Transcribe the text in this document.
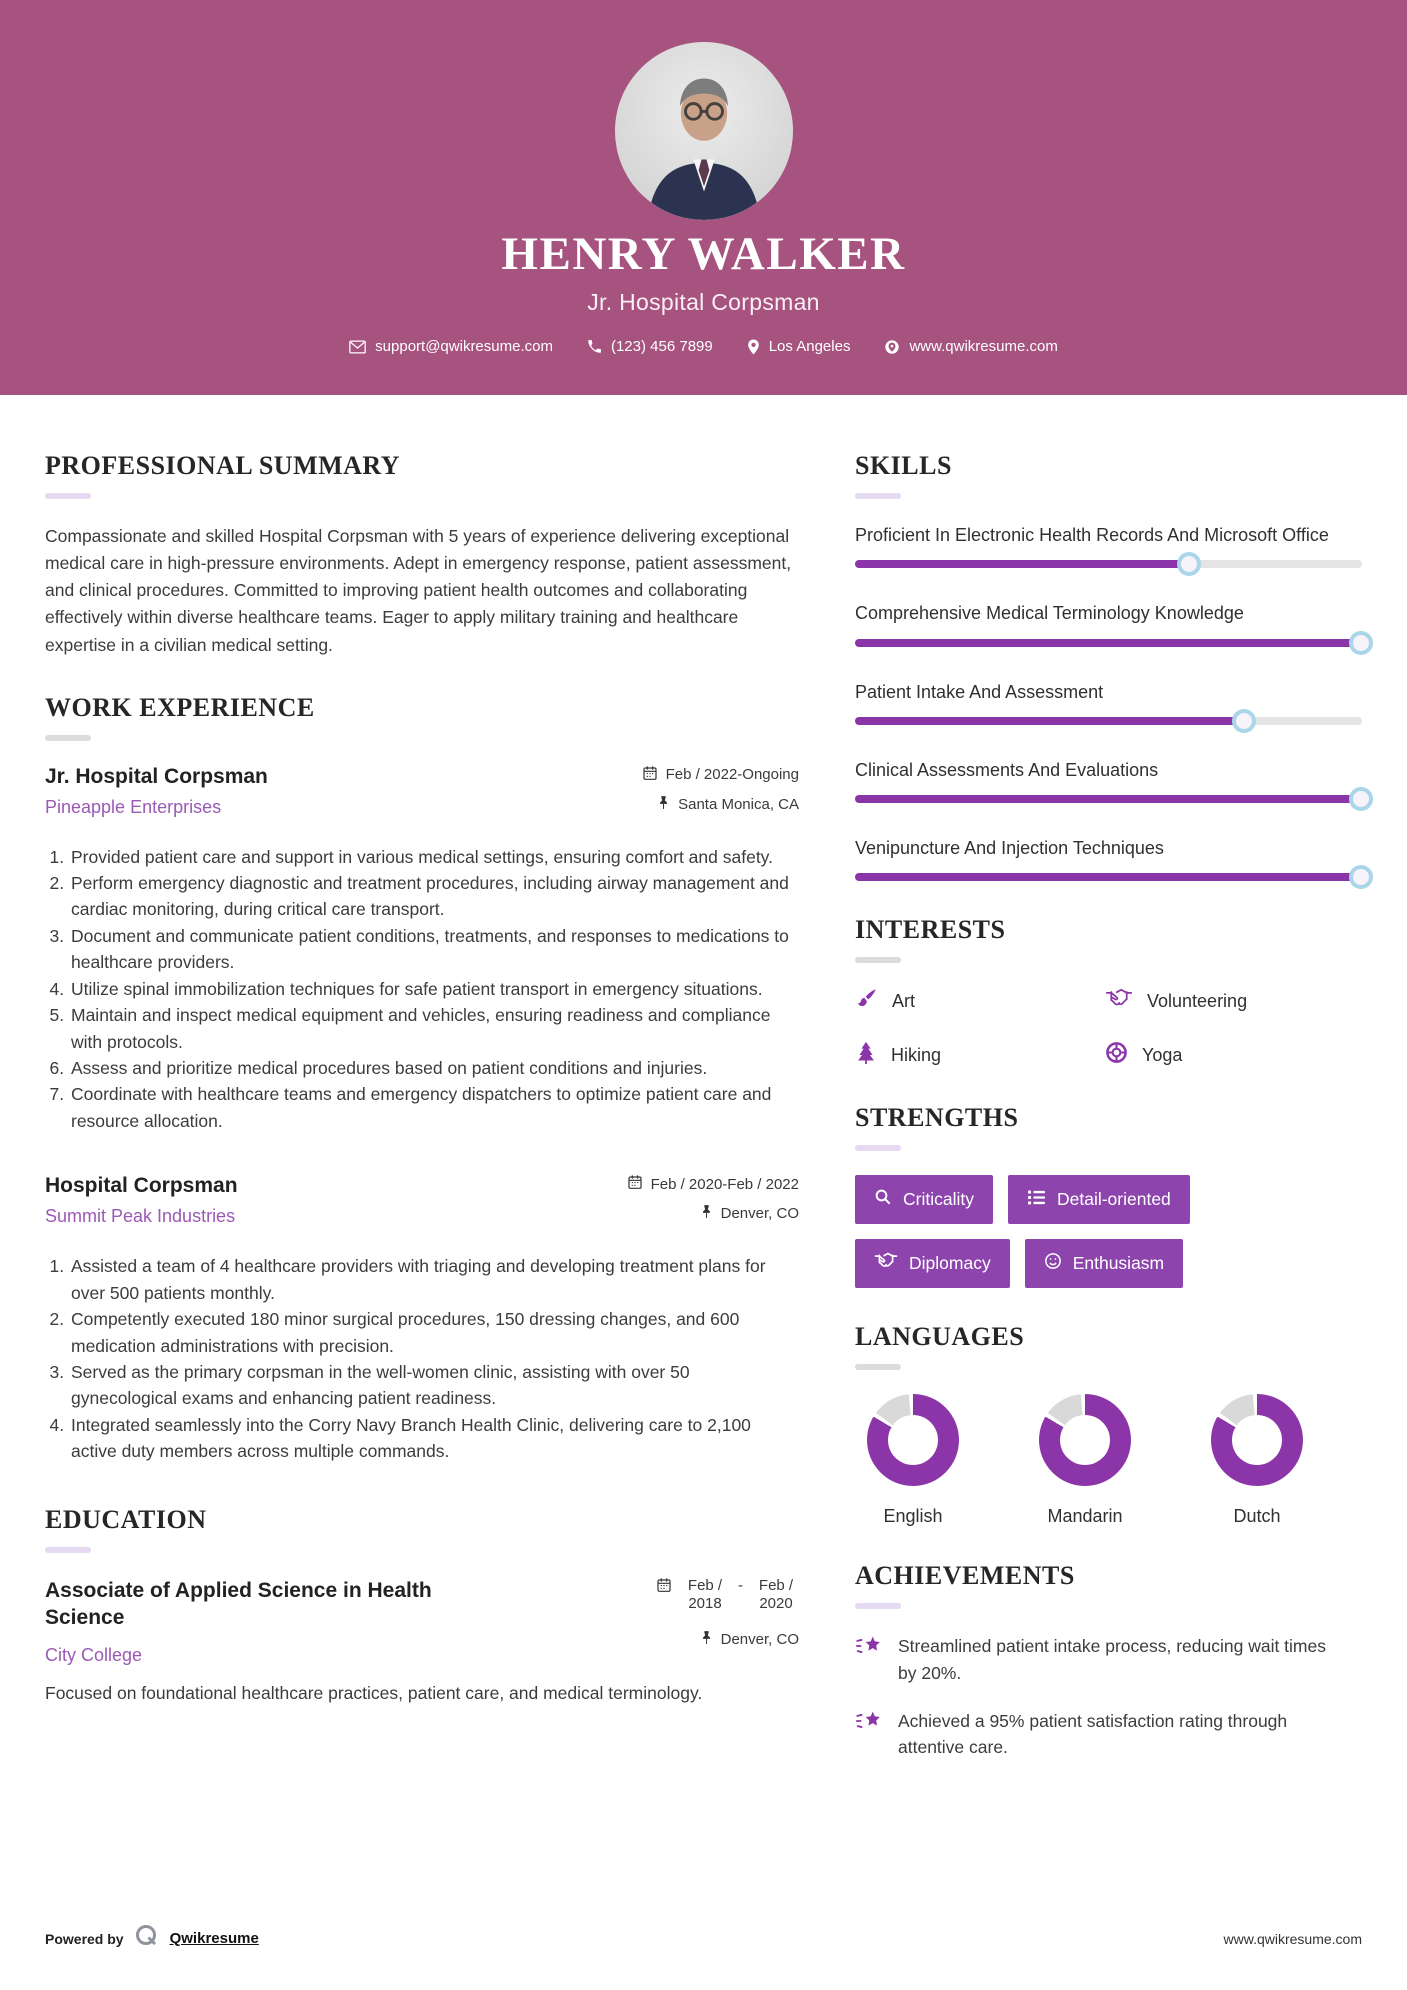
HENRY WALKER
Jr. Hospital Corpsman
support@qwikresume.com	(123) 456 7899	Los Angeles	www.qwikresume.com
PROFESSIONAL SUMMARY

Compassionate and skilled Hospital Corpsman with 5 years of experience delivering exceptional medical care in high-pressure environments. Adept in emergency response, patient assessment, and clinical procedures. Committed to improving patient health outcomes and collaborating effectively within diverse healthcare teams. Eager to apply military training and healthcare expertise in a civilian medical setting.

WORK EXPERIENCE

Jr. Hospital Corpsman

Pineapple Enterprises

Feb / 2022-Ongoing
Santa Monica, CA
1. Provided patient care and support in various medical settings, ensuring comfort and safety.
2. Perform emergency diagnostic and treatment procedures, including airway management and cardiac monitoring, during critical care transport.
3. Document and communicate patient conditions, treatments, and responses to medications to healthcare providers.
4. Utilize spinal immobilization techniques for safe patient transport in emergency situations.
5. Maintain and inspect medical equipment and vehicles, ensuring readiness and compliance with protocols.
6. Assess and prioritize medical procedures based on patient conditions and injuries.
7. Coordinate with healthcare teams and emergency dispatchers to optimize patient care and resource allocation.

Hospital Corpsman

Summit Peak Industries

Feb / 2020-Feb / 2022
Denver, CO
1. Assisted a team of 4 healthcare providers with triaging and developing treatment plans for over 500 patients monthly.
2. Competently executed 180 minor surgical procedures, 150 dressing changes, and 600 medication administrations with precision.
3. Served as the primary corpsman in the well-women clinic, assisting with over 50 gynecological exams and enhancing patient readiness.
4. Integrated seamlessly into the Corry Navy Branch Health Clinic, delivering care to 2,100 active duty members across multiple commands.
EDUCATION

Associate of Applied Science in Health Science

City College

Feb / 2018
-	Feb / 2020
Denver, CO

Focused on foundational healthcare practices, patient care, and medical terminology.

SKILLS
Proficient In Electronic Health Records And Microsoft Office
Comprehensive Medical Terminology Knowledge
Patient Intake And Assessment
Clinical Assessments And Evaluations
Venipuncture And Injection Techniques
INTERESTS
Art	Volunteering
Hiking	Yoga
STRENGTHS
Criticality	Detail-oriented
Diplomacy	Enthusiasm
LANGUAGES
English	Mandarin	Dutch
ACHIEVEMENTS
Streamlined patient intake process, reducing wait times by 20%.
Achieved a 95% patient satisfaction rating through attentive care.
Powered by	Qwikresume	www.qwikresume.com
